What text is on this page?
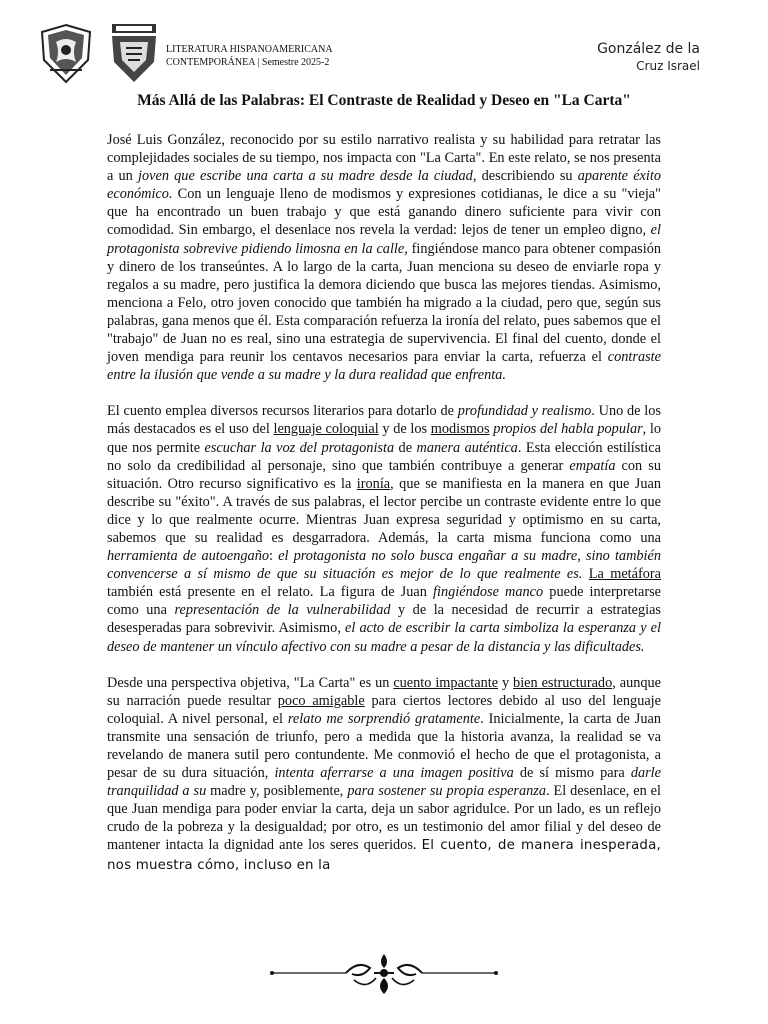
LITERATURA HISPANOAMERICANA
CONTEMPORÁNEA | Semestre 2025-2
González de la
Cruz Israel
Más Allá de las Palabras: El Contraste de Realidad y Deseo en "La Carta"

José Luis González, reconocido por su estilo narrativo realista y su habilidad para retratar las complejidades sociales de su tiempo, nos impacta con "La Carta". En este relato, se nos presenta a un joven que escribe una carta a su madre desde la ciudad, describiendo su aparente éxito económico. Con un lenguaje lleno de modismos y expresiones cotidianas, le dice a su "vieja" que ha encontrado un buen trabajo y que está ganando dinero suficiente para vivir con comodidad. Sin embargo, el desenlace nos revela la verdad: lejos de tener un empleo digno, el protagonista sobrevive pidiendo limosna en la calle, fingiéndose manco para obtener compasión y dinero de los transeúntes. A lo largo de la carta, Juan menciona su deseo de enviarle ropa y regalos a su madre, pero justifica la demora diciendo que busca las mejores tiendas. Asimismo, menciona a Felo, otro joven conocido que también ha migrado a la ciudad, pero que, según sus palabras, gana menos que él. Esta comparación refuerza la ironía del relato, pues sabemos que el "trabajo" de Juan no es real, sino una estrategia de supervivencia. El final del cuento, donde el joven mendiga para reunir los centavos necesarios para enviar la carta, refuerza el contraste entre la ilusión que vende a su madre y la dura realidad que enfrenta.

El cuento emplea diversos recursos literarios para dotarlo de profundidad y realismo. Uno de los más destacados es el uso del lenguaje coloquial y de los modismos propios del habla popular, lo que nos permite escuchar la voz del protagonista de manera auténtica. Esta elección estilística no solo da credibilidad al personaje, sino que también contribuye a generar empatía con su situación. Otro recurso significativo es la ironía, que se manifiesta en la manera en que Juan describe su "éxito". A través de sus palabras, el lector percibe un contraste evidente entre lo que dice y lo que realmente ocurre. Mientras Juan expresa seguridad y optimismo en su carta, sabemos que su realidad es desgarradora. Además, la carta misma funciona como una herramienta de autoengaño: el protagonista no solo busca engañar a su madre, sino también convencerse a sí mismo de que su situación es mejor de lo que realmente es. La metáfora también está presente en el relato. La figura de Juan fingiéndose manco puede interpretarse como una representación de la vulnerabilidad y de la necesidad de recurrir a estrategias desesperadas para sobrevivir. Asimismo, el acto de escribir la carta simboliza la esperanza y el deseo de mantener un vínculo afectivo con su madre a pesar de la distancia y las dificultades.

Desde una perspectiva objetiva, "La Carta" es un cuento impactante y bien estructurado, aunque su narración puede resultar poco amigable para ciertos lectores debido al uso del lenguaje coloquial. A nivel personal, el relato me sorprendió gratamente. Inicialmente, la carta de Juan transmite una sensación de triunfo, pero a medida que la historia avanza, la realidad se va revelando de manera sutil pero contundente. Me conmovió el hecho de que el protagonista, a pesar de su dura situación, intenta aferrarse a una imagen positiva de sí mismo para darle tranquilidad a su madre y, posiblemente, para sostener su propia esperanza. El desenlace, en el que Juan mendiga para poder enviar la carta, deja un sabor agridulce. Por un lado, es un reflejo crudo de la pobreza y la desigualdad; por otro, es un testimonio del amor filial y del deseo de mantener intacta la dignidad ante los seres queridos. El cuento, de manera inesperada, nos muestra cómo, incluso en la
